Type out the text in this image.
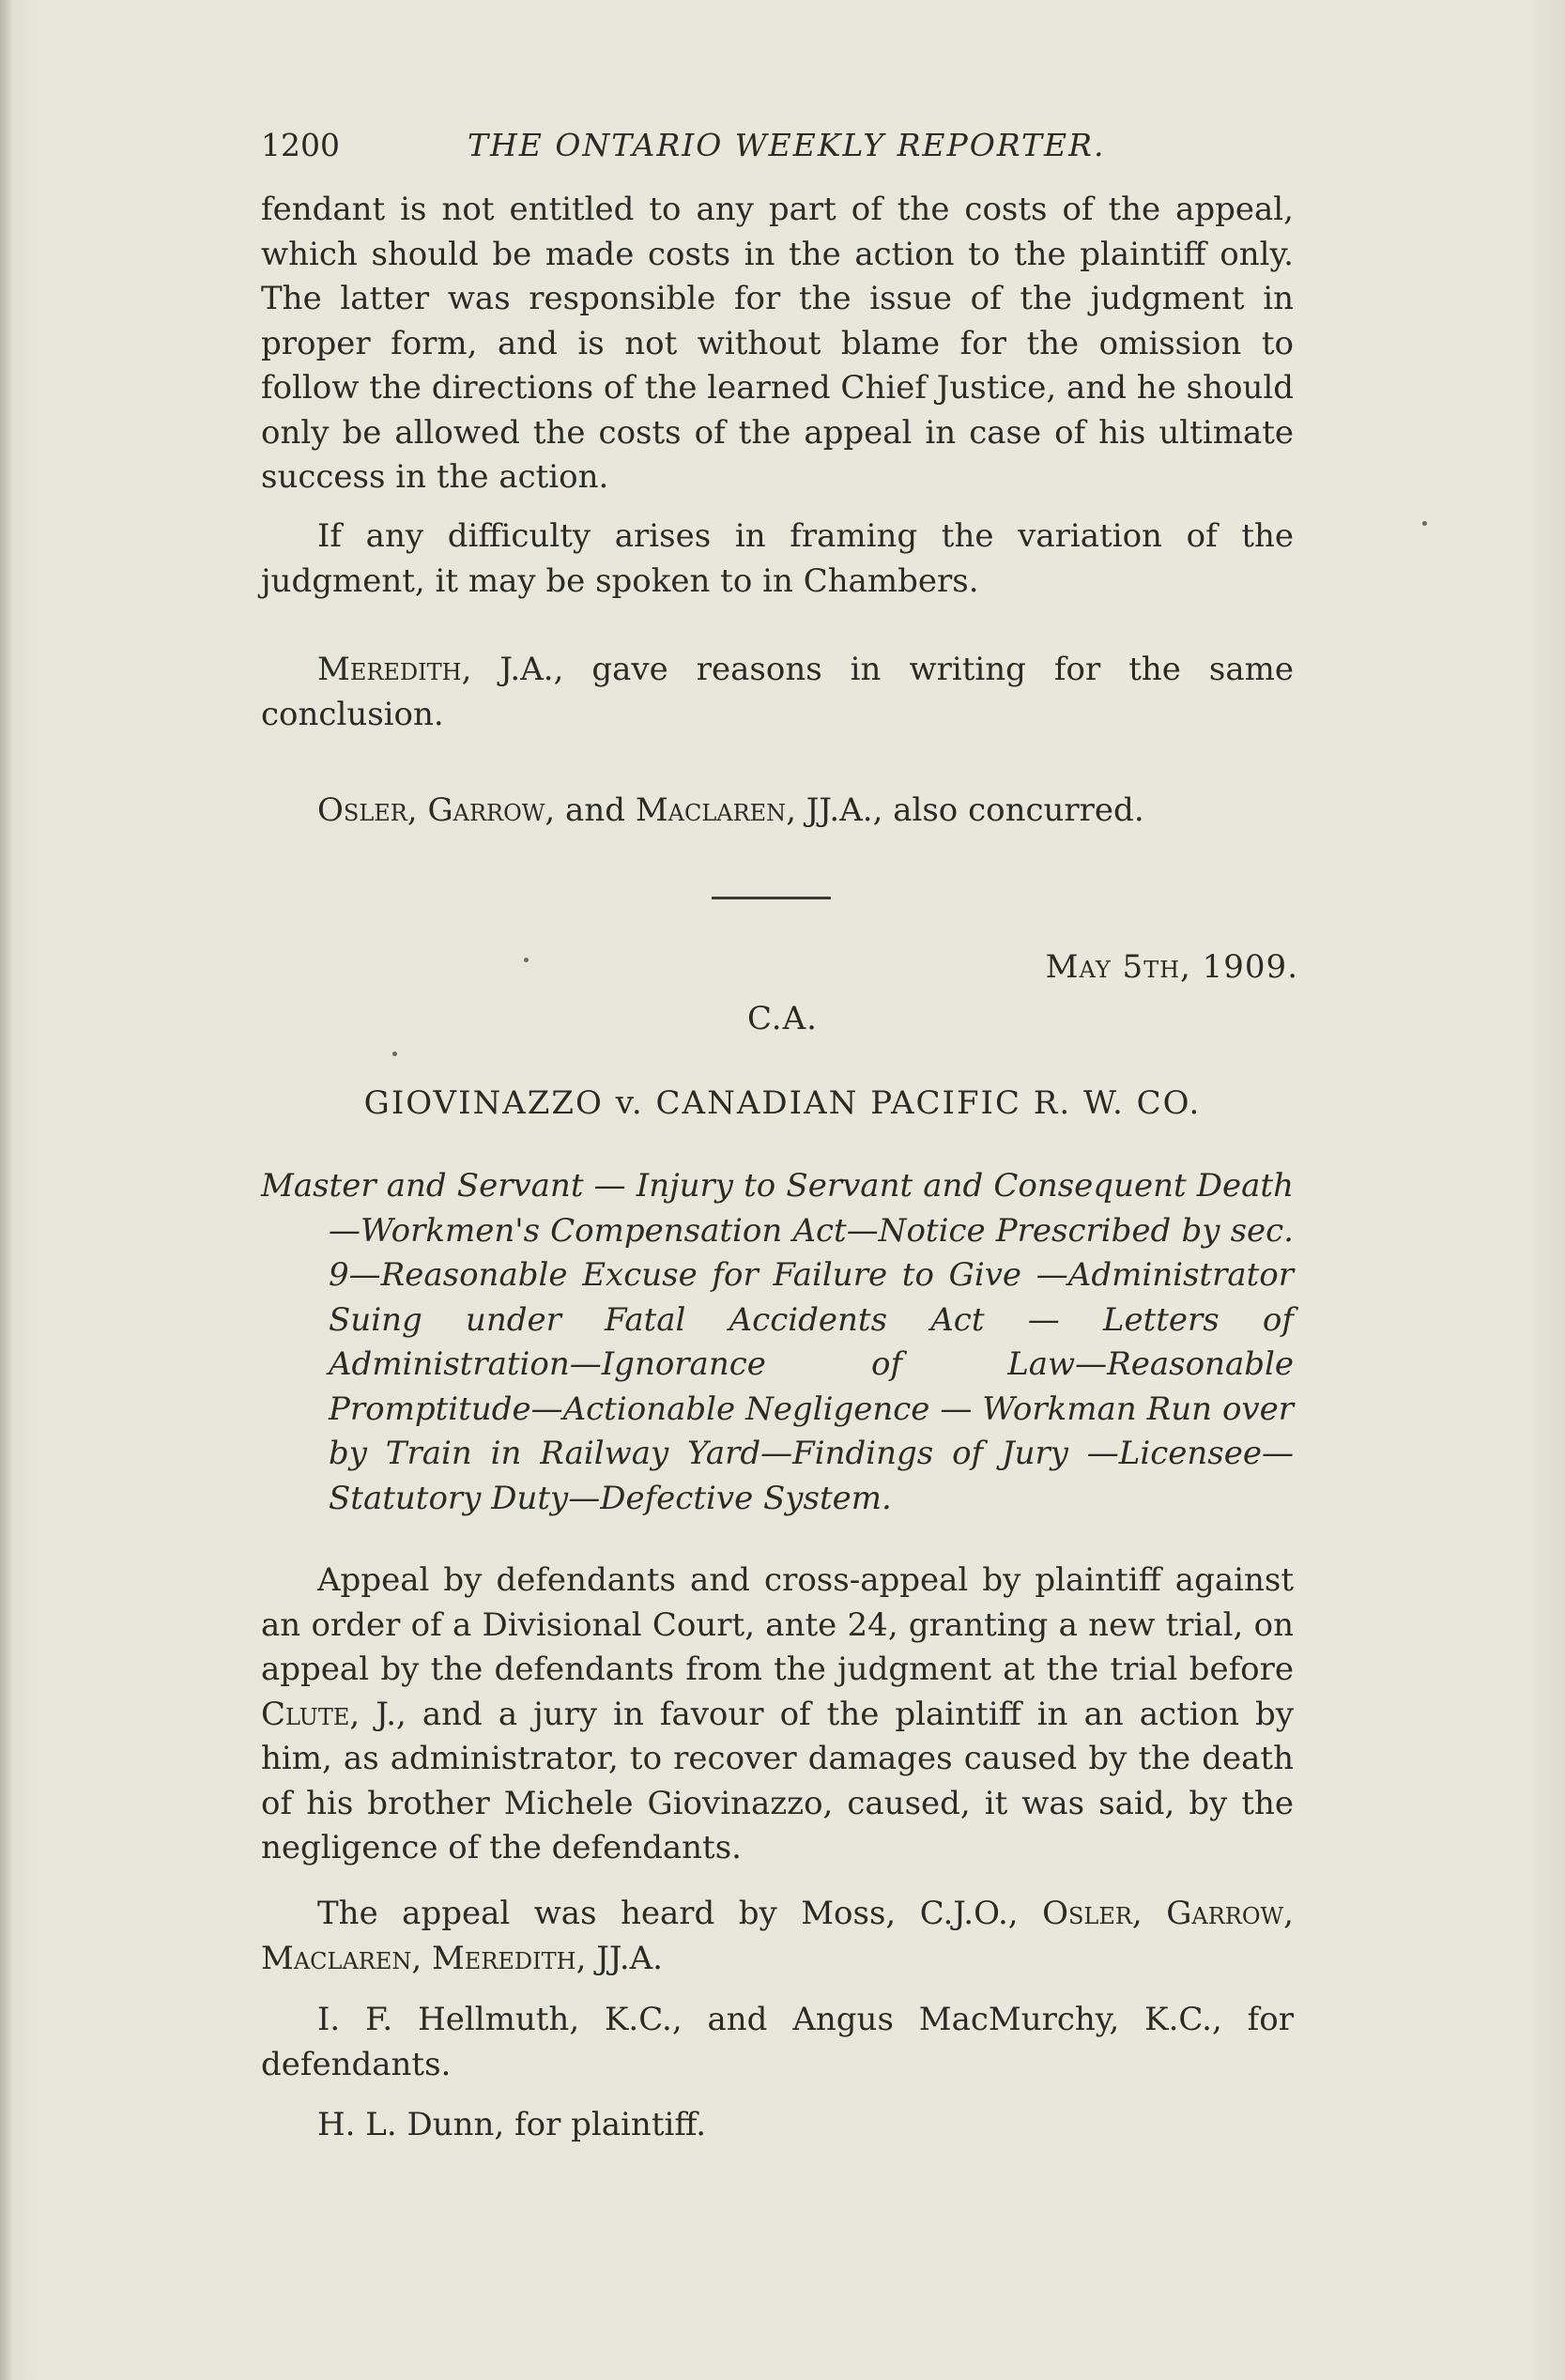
1200	THE ONTARIO WEEKLY REPORTER.

fendant is not entitled to any part of the costs of the appeal, which should be made costs in the action to the plaintiff only. The latter was responsible for the issue of the judgment in proper form, and is not without blame for the omission to follow the directions of the learned Chief Justice, and he should only be allowed the costs of the appeal in case of his ultimate success in the action.

If any difficulty arises in framing the variation of the judgment, it may be spoken to in Chambers.

Meredith, J.A., gave reasons in writing for the same conclusion.

Osler, Garrow, and Maclaren, JJ.A., also concurred.

May 5th, 1909.
C.A.
GIOVINAZZO v. CANADIAN PACIFIC R. W. CO.

Master and Servant — Injury to Servant and Consequent Death—Workmen's Compensation Act—Notice Prescribed by sec. 9—Reasonable Excuse for Failure to Give —Administrator Suing under Fatal Accidents Act — Letters of Administration—Ignorance of Law—Reasonable Promptitude—Actionable Negligence — Workman Run over by Train in Railway Yard—Findings of Jury —Licensee—Statutory Duty—Defective System.

Appeal by defendants and cross-appeal by plaintiff against an order of a Divisional Court, ante 24, granting a new trial, on appeal by the defendants from the judgment at the trial before Clute, J., and a jury in favour of the plaintiff in an action by him, as administrator, to recover damages caused by the death of his brother Michele Giovinazzo, caused, it was said, by the negligence of the defendants.

The appeal was heard by Moss, C.J.O., Osler, Garrow, Maclaren, Meredith, JJ.A.

I. F. Hellmuth, K.C., and Angus MacMurchy, K.C., for defendants.

H. L. Dunn, for plaintiff.
